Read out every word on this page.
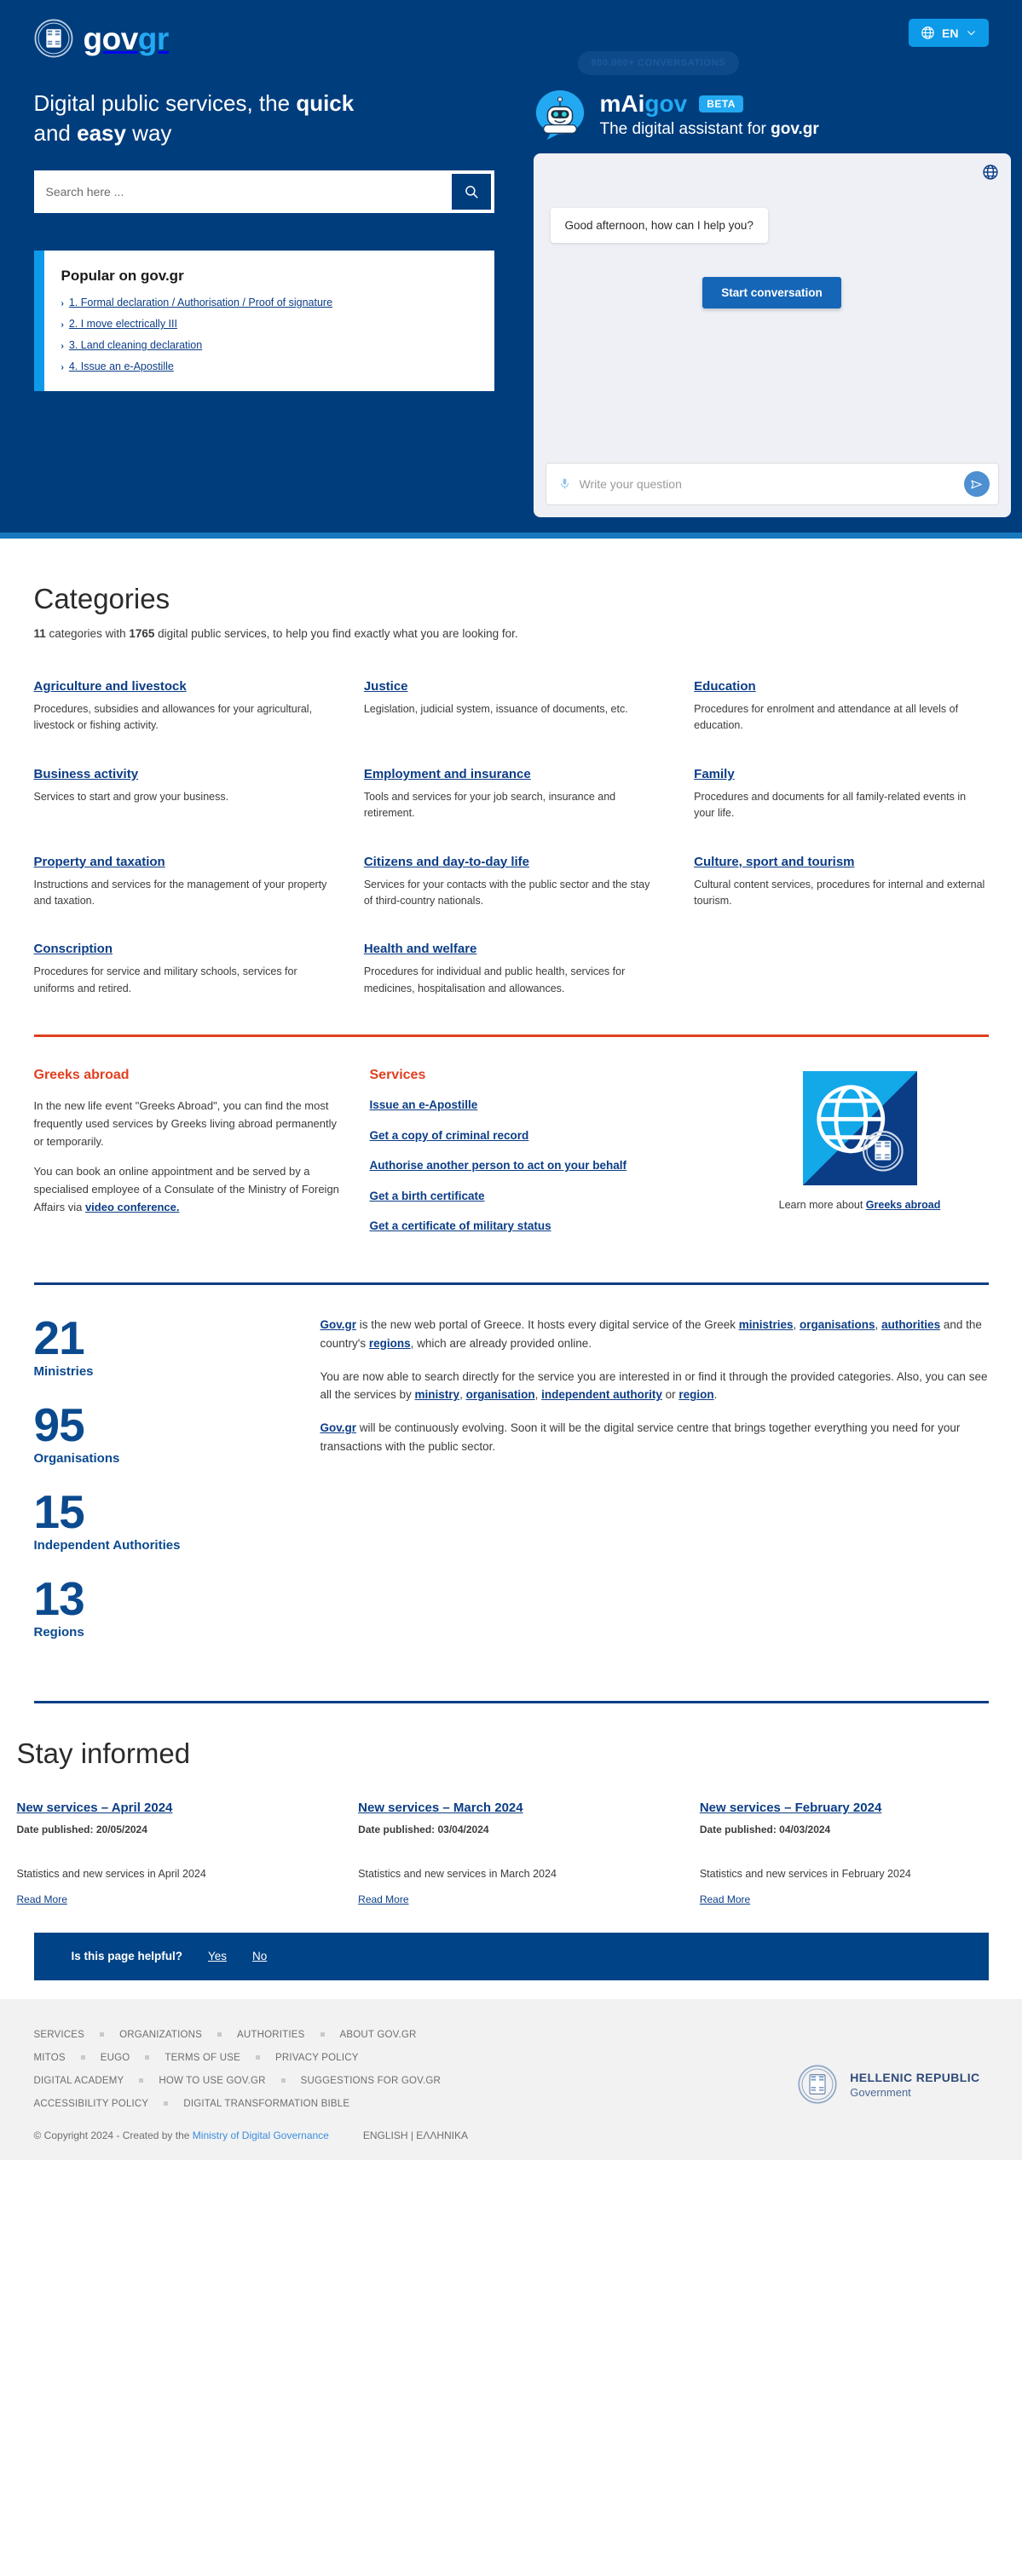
govgr	EN
Digital public services, the quick and easy way
Search here ...
Popular on gov.gr
› 1. Formal declaration / Authorisation / Proof of signature
› 2. I move electrically III
› 3. Land cleaning declaration
› 4. Issue an e-Apostille
800.000+ CONVERSATIONS
mAigov	BETA
The digital assistant for gov.gr
Good afternoon, how can I help you?
Start conversation
Write your question
Categories
11 categories with 1765 digital public services, to help you find exactly what you are looking for.
Agriculture and livestock

Procedures, subsidies and allowances for your agricultural, livestock or fishing activity.

Justice

Legislation, judicial system, issuance of documents, etc.

Education

Procedures for enrolment and attendance at all levels of education.

Business activity

Services to start and grow your business.

Employment and insurance

Tools and services for your job search, insurance and retirement.

Family

Procedures and documents for all family-related events in your life.

Property and taxation

Instructions and services for the management of your property and taxation.

Citizens and day-to-day life

Services for your contacts with the public sector and the stay of third-country nationals.

Culture, sport and tourism

Cultural content services, procedures for internal and external tourism.

Conscription

Procedures for service and military schools, services for uniforms and retired.

Health and welfare

Procedures for individual and public health, services for medicines, hospitalisation and allowances.

Greeks abroad

In the new life event "Greeks Abroad", you can find the most frequently used services by Greeks living abroad permanently or temporarily.

You can book an online appointment and be served by a specialised employee of a Consulate of the Ministry of Foreign Affairs via video conference.

Services
Issue an e-Apostille
Get a copy of criminal record
Authorise another person to act on your behalf
Get a birth certificate
Get a certificate of military status
Learn more about Greeks abroad
21
Ministries
95
Organisations
15
Independent Authorities
13
Regions

Gov.gr is the new web portal of Greece. It hosts every digital service of the Greek ministries, organisations, authorities and the country's regions, which are already provided online.

You are now able to search directly for the service you are interested in or find it through the provided categories. Also, you can see all the services by ministry, organisation, independent authority or region.

Gov.gr will be continuously evolving. Soon it will be the digital service centre that brings together everything you need for your transactions with the public sector.

Stay informed
New services – April 2024
Date published: 20/05/2024
Statistics and new services in April 2024
Read More
New services – March 2024
Date published: 03/04/2024
Statistics and new services in March 2024
Read More
New services – February 2024
Date published: 04/03/2024
Statistics and new services in February 2024
Read More
Is this page helpful? Yes No
SERVICES	ORGANIZATIONS	AUTHORITIES	ABOUT GOV.GR
MITOS	EUGO	TERMS OF USE	PRIVACY POLICY
DIGITAL ACADEMY	HOW TO USE GOV.GR	SUGGESTIONS FOR GOV.GR
ACCESSIBILITY POLICY	DIGITAL TRANSFORMATION BIBLE
© Copyright 2024 - Created by the Ministry of Digital Governance	ENGLISH | ΕΛΛΗΝΙΚΑ
HELLENIC REPUBLIC
Government
